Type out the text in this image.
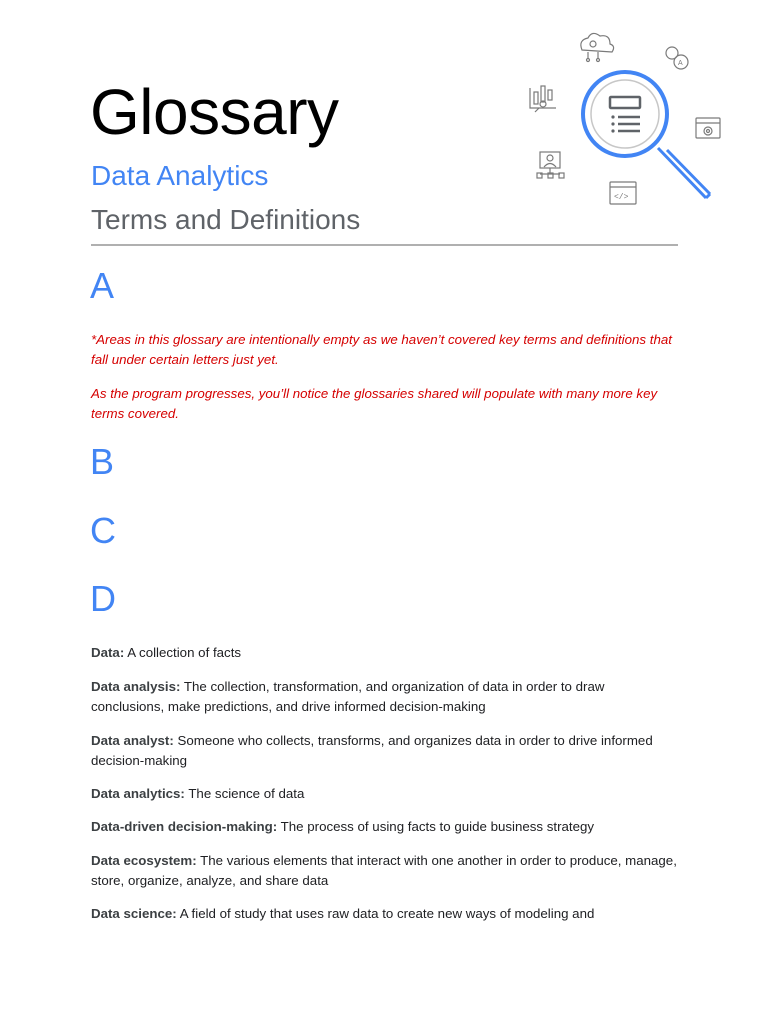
Glossary
Data Analytics
Terms and Definitions
A
</>
A

*Areas in this glossary are intentionally empty as we haven’t covered key terms and definitions that fall under certain letters just yet.

As the program progresses, you’ll notice the glossaries shared will populate with many more key terms covered.

B
C
D

Data: A collection of facts

Data analysis: The collection, transformation, and organization of data in order to draw conclusions, make predictions, and drive informed decision-making

Data analyst: Someone who collects, transforms, and organizes data in order to drive informed decision-making

Data analytics: The science of data

Data-driven decision-making: The process of using facts to guide business strategy

Data ecosystem: The various elements that interact with one another in order to produce, manage, store, organize, analyze, and share data

Data science: A field of study that uses raw data to create new ways of modeling and
